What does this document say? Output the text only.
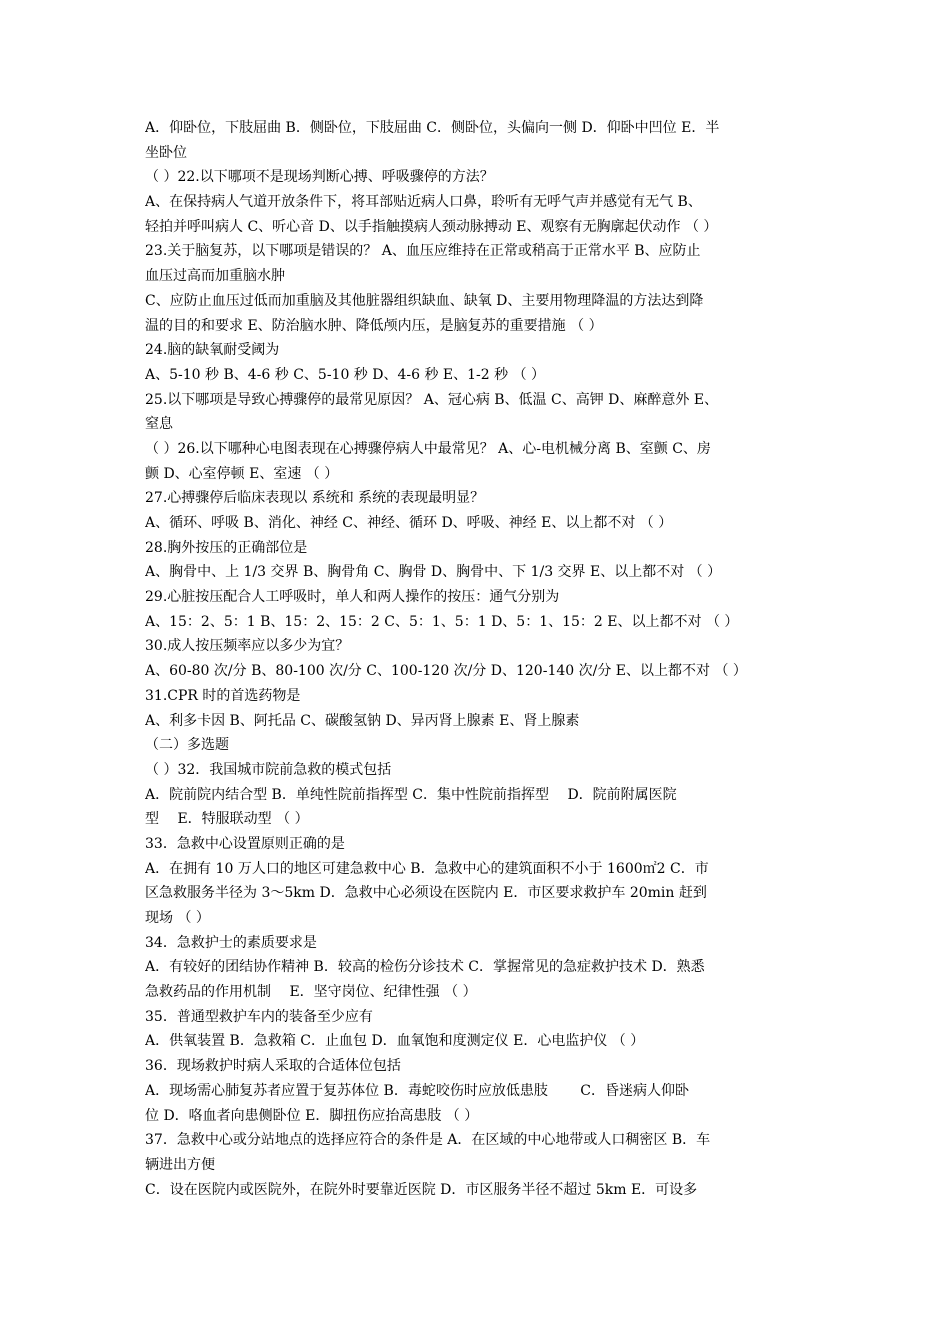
A．仰卧位，下肢屈曲 B．侧卧位，下肢屈曲 C．侧卧位，头偏向一侧 D．仰卧中凹位 E．半
坐卧位
（ ）22.以下哪项不是现场判断心搏、呼吸骤停的方法？
A、在保持病人气道开放条件下，将耳部贴近病人口鼻，聆听有无呼气声并感觉有无气 B、
轻拍并呼叫病人 C、听心音 D、以手指触摸病人颈动脉搏动 E、观察有无胸廓起伏动作 （ ）
23.关于脑复苏，以下哪项是错误的？ A、血压应维持在正常或稍高于正常水平 B、应防止
血压过高而加重脑水肿
C、应防止血压过低而加重脑及其他脏器组织缺血、缺氧 D、主要用物理降温的方法达到降
温的目的和要求 E、防治脑水肿、降低颅内压，是脑复苏的重要措施 （ ）
24.脑的缺氧耐受阈为
A、5-10 秒 B、4-6 秒 C、5-10 秒 D、4-6 秒 E、1-2 秒 （ ）
25.以下哪项是导致心搏骤停的最常见原因？ A、冠心病 B、低温 C、高钾 D、麻醉意外 E、
窒息
（ ）26.以下哪种心电图表现在心搏骤停病人中最常见？ A、心-电机械分离 B、室颤 C、房
颤 D、心室停顿 E、室速 （ ）
27.心搏骤停后临床表现以 系统和 系统的表现最明显？
A、循环、呼吸 B、消化、神经 C、神经、循环 D、呼吸、神经 E、以上都不对 （ ）
28.胸外按压的正确部位是
A、胸骨中、上 1/3 交界 B、胸骨角 C、胸骨 D、胸骨中、下 1/3 交界 E、以上都不对 （ ）
29.心脏按压配合人工呼吸时，单人和两人操作的按压：通气分别为
A、15：2、5：1 B、15：2、15：2 C、5：1、5：1 D、5：1、15：2 E、以上都不对 （ ）
30.成人按压频率应以多少为宜？
A、60-80 次/分 B、80-100 次/分 C、100-120 次/分 D、120-140 次/分 E、以上都不对 （ ）
31.CPR 时的首选药物是
A、利多卡因 B、阿托品 C、碳酸氢钠 D、异丙肾上腺素 E、肾上腺素
（二）多选题
（ ）32．我国城市院前急救的模式包括
A．院前院内结合型 B．单纯性院前指挥型 C．集中性院前指挥型 　D．院前附属医院
型 　E．特服联动型 （ ）
33．急救中心设置原则正确的是
A．在拥有 10 万人口的地区可建急救中心 B．急救中心的建筑面积不小于 1600㎡2 C．市
区急救服务半径为 3～5km D．急救中心必须设在医院内 E．市区要求救护车 20min 赶到
现场 （ ）
34．急救护士的素质要求是
A．有较好的团结协作精神 B．较高的检伤分诊技术 C．掌握常见的急症救护技术 D．熟悉
急救药品的作用机制 　E．坚守岗位、纪律性强 （ ）
35．普通型救护车内的装备至少应有
A．供氧装置 B．急救箱 C．止血包 D．血氧饱和度测定仪 E．心电监护仪 （ ）
36．现场救护时病人采取的合适体位包括
A．现场需心肺复苏者应置于复苏体位 B．毒蛇咬伤时应放低患肢 　　C．昏迷病人仰卧
位 D．咯血者向患侧卧位 E．脚扭伤应抬高患肢 （ ）
37．急救中心或分站地点的选择应符合的条件是 A．在区域的中心地带或人口稠密区 B．车
辆进出方便
C．设在医院内或医院外，在院外时要靠近医院 D．市区服务半径不超过 5km E．可设多
